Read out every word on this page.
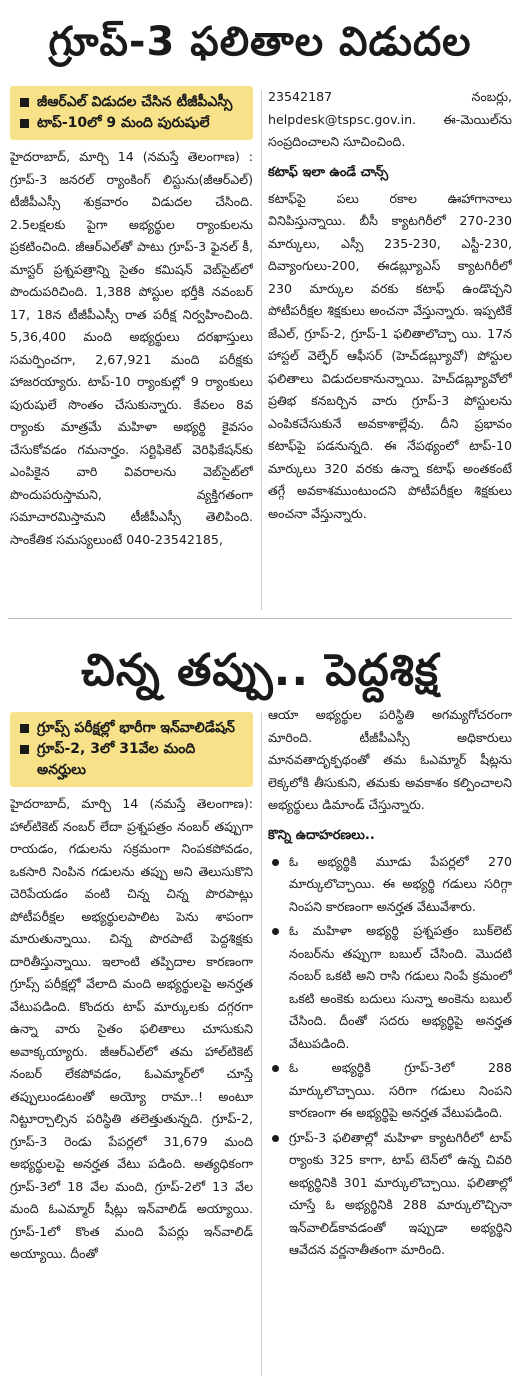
గ్రూప్‌-3 ఫలితాల విడుదల
జీఆర్‌ఎల్‌ విడుదల చేసిన టీజీపీఎస్సీ
టాప్‌-10లో 9 మంది పురుషులే

హైదరాబాద్‌, మార్చి 14 (నమస్తే తెలంగాణ) : గ్రూప్‌-3 జనరల్‌ ర్యాంకింగ్‌ లిస్టును(జీఆర్‌ఎల్‌) టీజీపీఎస్సీ శుక్రవారం విడుదల చేసింది. 2.5లక్షలకు పైగా అభ్యర్థుల ర్యాంకులను ప్రకటించింది. జీఆర్‌ఎల్‌తో పాటు గ్రూప్‌-3 ఫైనల్‌ కీ, మాస్టర్‌ ప్రశ్నపత్రాన్ని సైతం కమిషన్‌ వెబ్‌సైట్‌లో పొందుపరిచింది. 1,388 పోస్టుల భర్తీకి నవంబర్‌ 17, 18న టీజీపీఎస్సీ రాత పరీక్ష నిర్వహించింది. 5,36,400 మంది అభ్యర్థులు దరఖాస్తులు సమర్పించగా, 2,67,921 మంది పరీక్షకు హాజరయ్యారు. టాప్‌-10 ర్యాంకుల్లో 9 ర్యాంకులు పురుషులే సొంతం చేసుకున్నారు. కేవలం 8వ ర్యాంకు మాత్రమే మహిళా అభ్యర్థి కైవసం చేసుకోవడం గమనార్హం. సర్టిఫికెట్‌ వెరిఫికేషన్‌కు ఎంపికైన వారి వివరాలను వెబ్‌సైట్‌లో పొందుపరుస్తామని, వ్యక్తిగతంగా సమాచారమిస్తామని టీజీపీఎస్సీ తెలిపింది. సాంకేతిక సమస్యలుంటే 040-23542185,

23542187 నంబర్లు, helpdesk@tspsc.gov.in. ఈ-మెయిల్‌ను సంప్రదించాలని సూచించింది.

కటాఫ్‌ ఇలా ఉండే చాన్స్‌

కటాఫ్‌పై పలు రకాల ఊహాగానాలు వినిపిస్తున్నాయి. బీసీ క్యాటగిరీలో 270-230 మార్కులు, ఎస్సీ 235-230, ఎస్టీ-230, దివ్యాంగులు-200, ఈడబ్ల్యూఎస్‌ క్యాటగిరీలో 230 మార్కుల వరకు కటాఫ్‌ ఉండొచ్చని పోటీపరీక్షల శిక్షకులు అంచనా వేస్తున్నారు. ఇప్పటికే జేఎల్‌, గ్రూప్‌-2, గ్రూప్‌-1 ఫలితాలొచ్చా యి. 17న హాస్టల్‌ వెల్ఫేర్‌ ఆఫీసర్‌ (హెచ్‌డబ్ల్యూవో) పోస్టుల ఫలితాలు విడుదలకానున్నాయి. హెచ్‌డబ్ల్యూవోలో ప్రతిభ కనబర్చిన వారు గ్రూప్‌-3 పోస్టులను ఎంపికచేసుకునే అవకాశాల్లేవు. దీని ప్రభావం కటాఫ్‌పై పడనున్నది. ఈ నేపథ్యంలో టాప్‌-10 మార్కులు 320 వరకు ఉన్నా కటాఫ్‌ అంతకంటే తగ్గే అవకాశముంటుందని పోటీపరీక్షల శిక్షకులు అంచనా వేస్తున్నారు.

చిన్న తప్పు.. పెద్దశిక్ష
గ్రూప్స్‌ పరీక్షల్లో భారీగా ఇన్‌వాలిడేషన్‌
గ్రూప్‌-2, 3లో 31వేల మంది అనర్హులు

హైదరాబాద్‌, మార్చి 14 (నమస్తే తెలంగాణ): హాల్‌టికెట్‌ నంబర్‌ లేదా ప్రశ్నపత్రం నంబర్‌ తప్పుగా రాయడం, గడులను సక్రమంగా నింపకపోవడం, ఒకసారి నింపిన గడులను తప్పు అని తెలుసుకొని చెరిపేయడం వంటి చిన్న చిన్న పొరపాట్లు పోటీపరీక్షల అభ్యర్థులపాలిట పెను శాపంగా మారుతున్నాయి. చిన్న పొరపాటే పెద్దశిక్షకు దారితీస్తున్నాయి. ఇలాంటి తప్పిదాల కారణంగా గ్రూప్స్‌ పరీక్షల్లో వేలాది మంది అభ్యర్థులపై అనర్హత వేటుపడింది. కొందరు టాప్‌ మార్కులకు దగ్గరగా ఉన్నా వారు సైతం ఫలితాలు చూసుకుని అవాక్కయ్యారు. జీఆర్‌ఎల్‌లో తమ హాల్‌టికెట్‌ నంబర్‌ లేకపోవడం, ఓఎమ్మార్‌లో చూస్తే తప్పులుండటంతో అయ్యో రామా..! అంటూ నిట్టూర్చాల్సిన పరిస్థితి తలెత్తుతున్నది. గ్రూప్‌-2, గ్రూప్‌-3 రెండు పేపర్లలో 31,679 మంది అభ్యర్థులపై అనర్హత వేటు పడింది. అత్యధికంగా గ్రూప్‌-3లో 18 వేల మంది, గ్రూప్‌-2లో 13 వేల మంది ఓఎమ్మార్‌ షీట్లు ఇన్‌వాలిడ్‌ అయ్యాయి. గ్రూప్‌-1లో కొంత మంది పేపర్లు ఇన్‌వాలిడ్‌ అయ్యాయి. దీంతో

ఆయా అభ్యర్థుల పరిస్థితి అగమ్యగోచరంగా మారింది. టీజీపీఎస్సీ అధికారులు మానవతాదృక్పథంతో తమ ఓఎమ్మార్‌ షీట్లను లెక్కలోకి తీసుకుని, తమకు అవకాశం కల్పించాలని అభ్యర్థులు డిమాండ్‌ చేస్తున్నారు.

కొన్ని ఉదాహరణలు..
ఓ అభ్యర్థికి మూడు పేపర్లలో 270 మార్కులొచ్చాయి. ఈ అభ్యర్థి గడులు సరిగ్గా నింపని కారణంగా అనర్హత వేటువేశారు.
ఓ మహిళా అభ్యర్థి ప్రశ్నపత్రం బుక్‌లెట్‌ నంబర్‌ను తప్పుగా బబుల్‌ చేసింది. మొదటి నంబర్‌ ఒకటి అని రాసి గడులు నింపే క్రమంలో ఒకటి అంకెకు బదులు సున్నా అంకెను బబుల్‌ చేసింది. దీంతో సదరు అభ్యర్థిపై అనర్హత వేటుపడింది.
ఓ అభ్యర్థికి గ్రూప్‌-3లో 288 మార్కులొచ్చాయి. సరిగా గడులు నింపని కారణంగా ఈ అభ్యర్థిపై అనర్హత వేటుపడింది.
గ్రూప్‌-3 ఫలితాల్లో మహిళా క్యాటగిరీలో టాప్‌ ర్యాంకు 325 కాగా, టాప్‌ టెన్‌లో ఉన్న చివరి అభ్యర్థినికి 301 మార్కులొచ్చాయి. ఫలితాల్లో చూస్తే ఓ అభ్యర్థినికి 288 మార్కులొచ్చినా ఇన్‌వాలిడ్‌కావడంతో ఇప్పుడా అభ్యర్థిని ఆవేదన వర్ణనాతీతంగా మారింది.
